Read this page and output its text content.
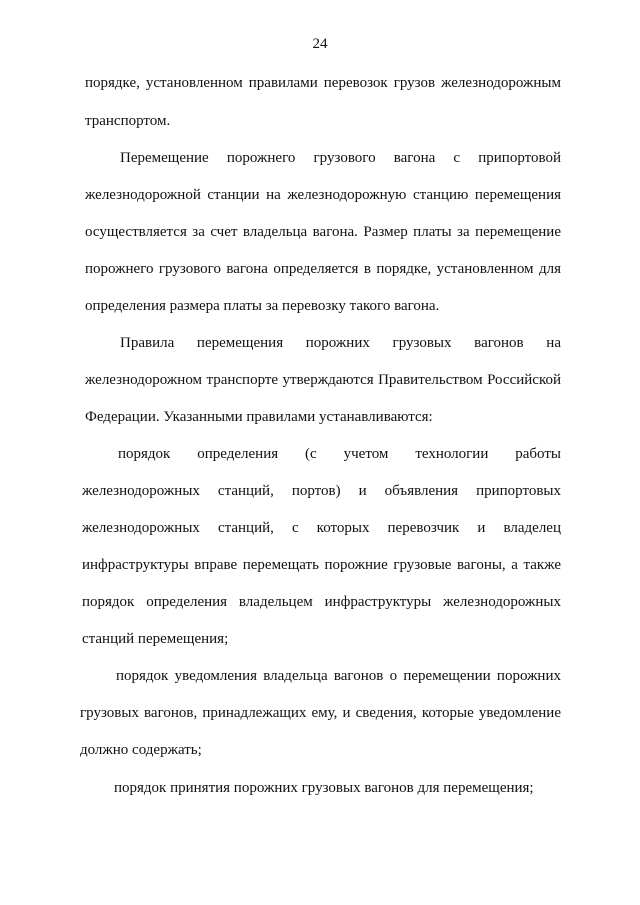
24
порядке, установленном правилами перевозок грузов железнодорожным
транспортом.
Перемещение порожнего грузового вагона с припортовой
железнодорожной станции на железнодорожную станцию перемещения
осуществляется за счет владельца вагона. Размер платы за перемещение
порожнего грузового вагона определяется в порядке, установленном для
определения размера платы за перевозку такого вагона.
Правила перемещения порожних грузовых вагонов на
железнодорожном транспорте утверждаются Правительством Российской
Федерации. Указанными правилами устанавливаются:
порядок определения (с учетом технологии работы
железнодорожных станций, портов) и объявления припортовых
железнодорожных станций, с которых перевозчик и владелец
инфраструктуры вправе перемещать порожние грузовые вагоны, а также
порядок определения владельцем инфраструктуры железнодорожных
станций перемещения;
порядок уведомления владельца вагонов о перемещении порожних
грузовых вагонов, принадлежащих ему, и сведения, которые уведомление
должно содержать;
порядок принятия порожних грузовых вагонов для перемещения;
